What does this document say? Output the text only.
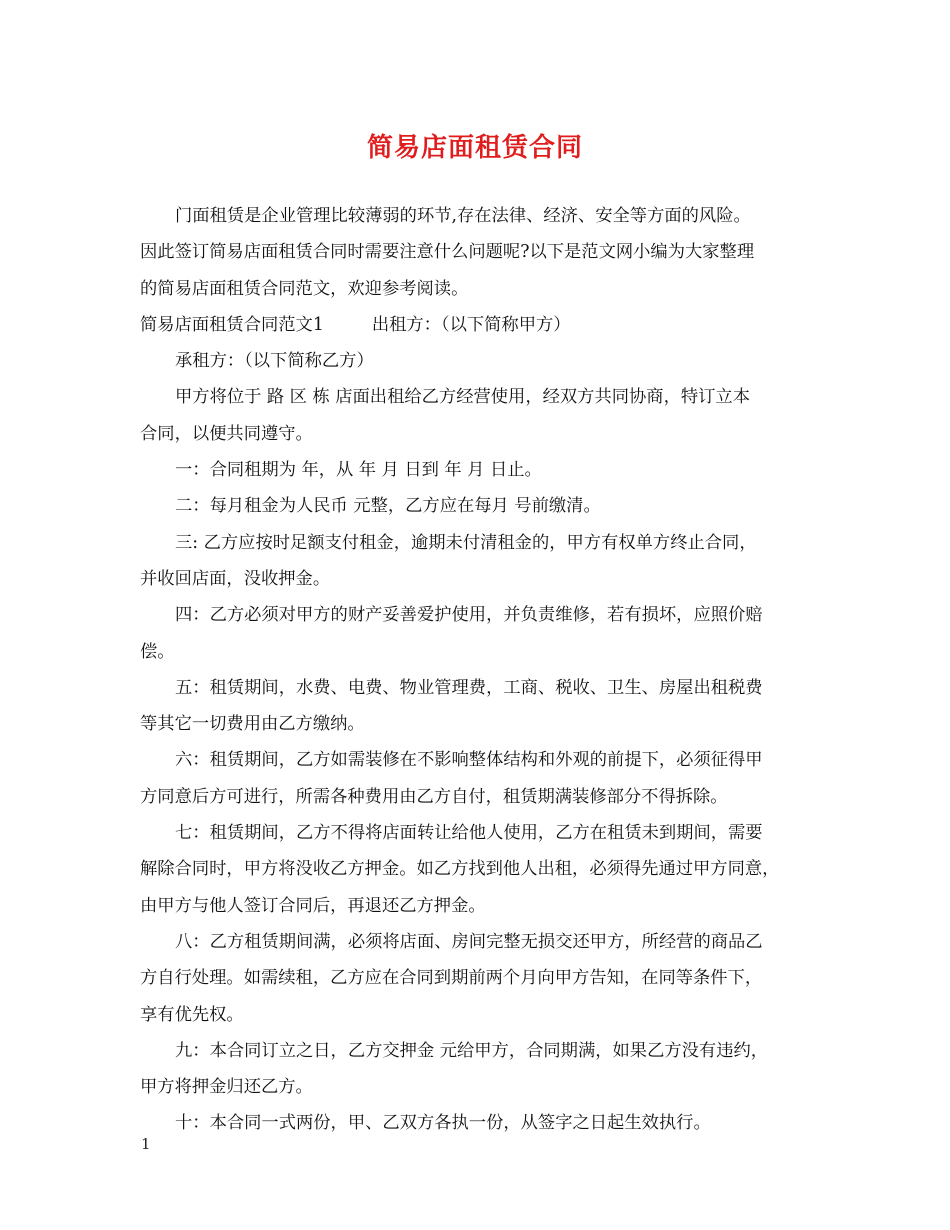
简易店面租赁合同
门面租赁是企业管理比较薄弱的环节,存在法律、经济、安全等方面的风险。
因此签订简易店面租赁合同时需要注意什么问题呢?以下是范文网小编为大家整理
的简易店面租赁合同范文，欢迎参考阅读。
简易店面租赁合同范文1	出租方：（以下简称甲方）
承租方：（以下简称乙方）
甲方将位于 路 区 栋 店面出租给乙方经营使用，经双方共同协商，特订立本
合同，以便共同遵守。
一：合同租期为 年，从 年 月 日到 年 月 日止。
二：每月租金为人民币 元整，乙方应在每月 号前缴清。
三: 乙方应按时足额支付租金，逾期未付清租金的，甲方有权单方终止合同，
并收回店面，没收押金。
四：乙方必须对甲方的财产妥善爱护使用，并负责维修，若有损坏，应照价赔
偿。
五：租赁期间，水费、电费、物业管理费，工商、税收、卫生、房屋出租税费
等其它一切费用由乙方缴纳。
六：租赁期间，乙方如需装修在不影响整体结构和外观的前提下，必须征得甲
方同意后方可进行，所需各种费用由乙方自付，租赁期满装修部分不得拆除。
七：租赁期间，乙方不得将店面转让给他人使用，乙方在租赁未到期间，需要
解除合同时，甲方将没收乙方押金。如乙方找到他人出租，必须得先通过甲方同意，
由甲方与他人签订合同后，再退还乙方押金。
八：乙方租赁期间满，必须将店面、房间完整无损交还甲方，所经营的商品乙
方自行处理。如需续租，乙方应在合同到期前两个月向甲方告知，在同等条件下，
享有优先权。
九：本合同订立之日，乙方交押金 元给甲方，合同期满，如果乙方没有违约，
甲方将押金归还乙方。
十：本合同一式两份，甲、乙双方各执一份，从签字之日起生效执行。
1
